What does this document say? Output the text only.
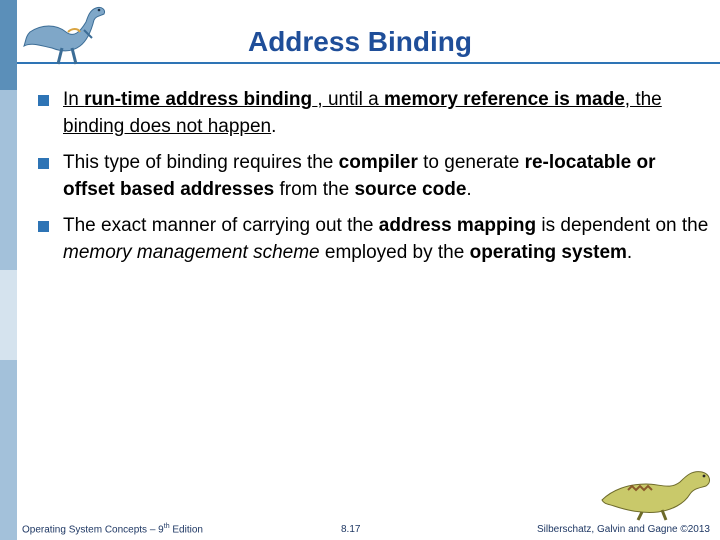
Address Binding
In run-time address binding , until a memory reference is made, the binding does not happen.
This type of binding requires the compiler to generate re-locatable or offset based addresses from the source code.
The exact manner of carrying out the address mapping is dependent on the memory management scheme employed by the operating system.
Operating System Concepts – 9th Edition	8.17	Silberschatz, Galvin and Gagne ©2013
